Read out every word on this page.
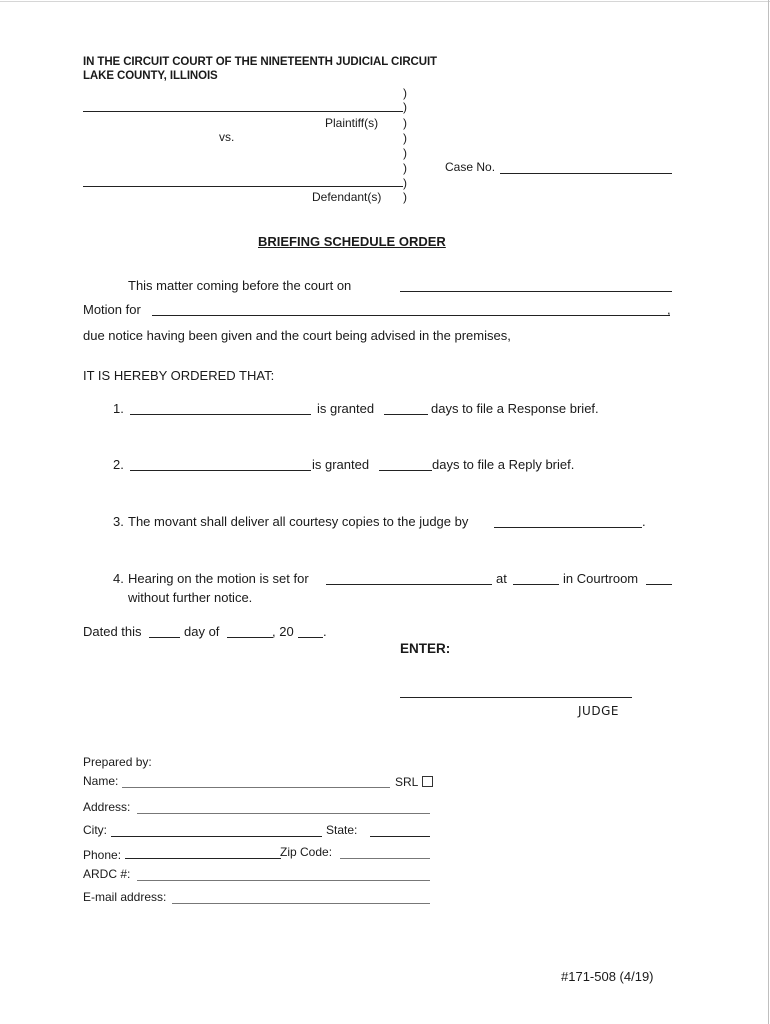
IN THE CIRCUIT COURT OF THE NINETEENTH JUDICIAL CIRCUIT
LAKE COUNTY, ILLINOIS
)
)
)
)
)
)
)
)
Plaintiff(s)
vs.
Case No.
Defendant(s)
BRIEFING SCHEDULE ORDER
This matter coming before the court on
Motion for	,
due notice having been given and the court being advised in the premises,
IT IS HEREBY ORDERED THAT:
1.	is granted	days to file a Response brief.
2.	is granted	days to file a Reply brief.
3. The movant shall deliver all courtesy copies to the judge by	.
4. Hearing on the motion is set for	at	in Courtroom
without further notice.
Dated this	day of	, 20 .
ENTER:
JUDGE
Prepared by:
Name:	SRL
Address:
City:	State:
Phone:	Zip Code:
ARDC #:
E-mail address:
#171-508 (4/19)
